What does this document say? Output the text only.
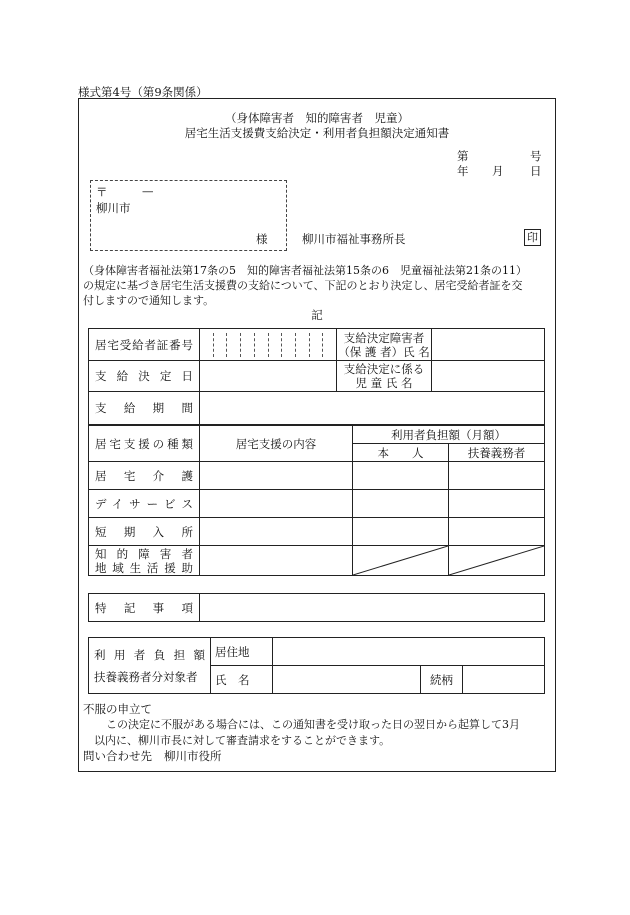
様式第4号（第9条関係）
（身体障害者　知的障害者　児童）
居宅生活支援費支給決定・利用者負担額決定通知書
第	号
年 月 日
〒	—
柳川市
様	柳川市福祉事務所長	印
（身体障害者福祉法第17条の5　知的障害者福祉法第15条の6　児童福祉法第21条の11）
の規定に基づき居宅生活支援費の支給について、下記のとおり決定し、居宅受給者証を交
付しますので通知します。
記
居宅受給者証番号		支給決定障害者
（保 護 者）氏 名	

支給決定日		支給決定に係る
児 童 氏 名	

支給期間			
居宅支援の種類	居宅支援の内容	利用者負担額（月額）	
		本　　人	扶養義務者
居宅介護			
デイサービス			
短期入所			

知的障害者
地域生活援助

特記事項	
利用者負担額
扶養義務者分対象者	居住地			
	氏　名		続柄	
不服の申立て
この決定に不服がある場合には、この通知書を受け取った日の翌日から起算して3月
以内に、柳川市長に対して審査請求をすることができます。
問い合わせ先 柳川市役所
